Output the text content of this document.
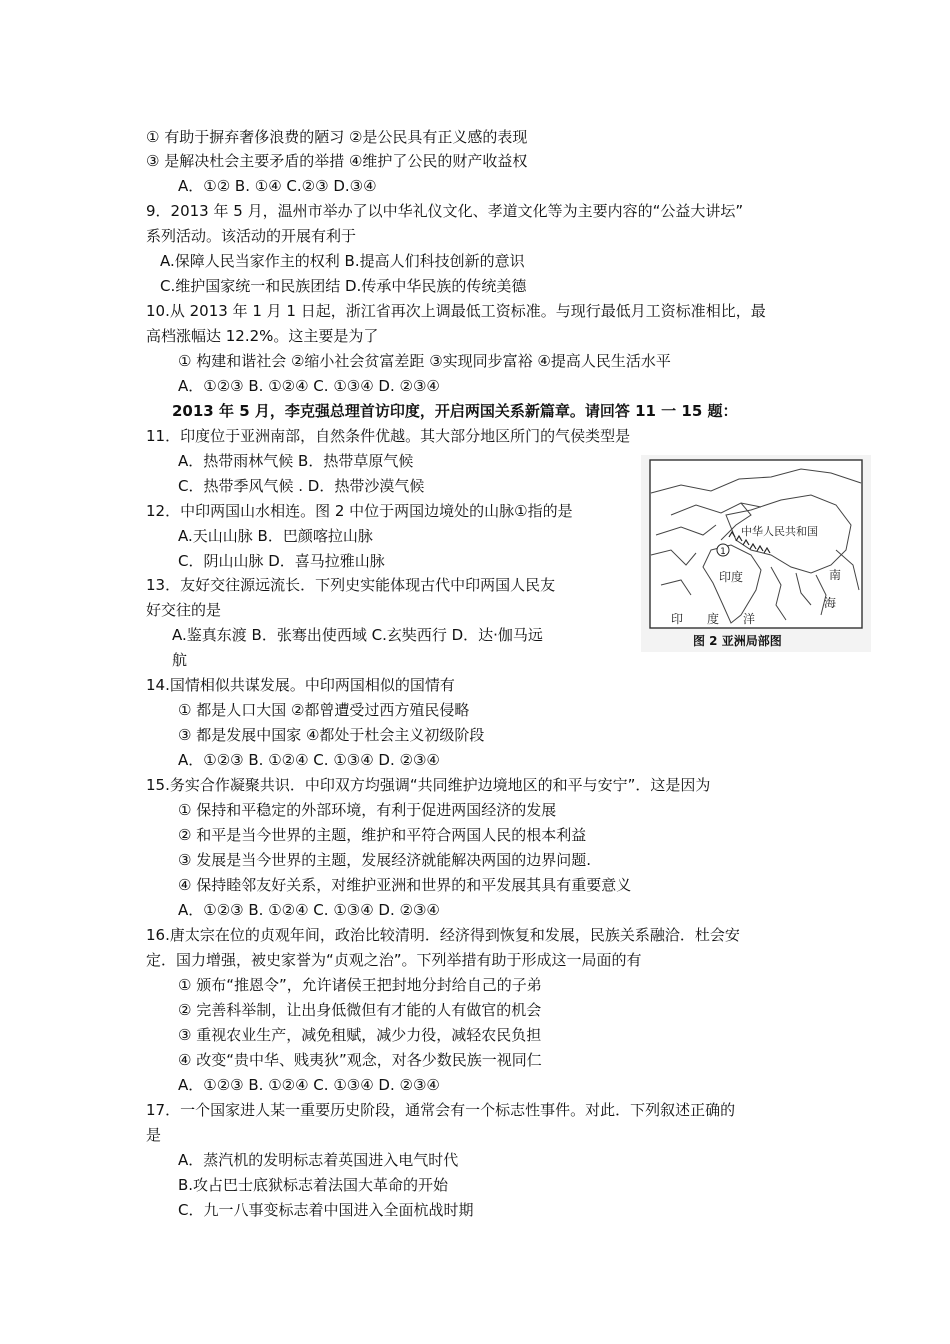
① 有助于摒弃奢侈浪费的陋习 ②是公民具有正义感的表现
③ 是解决杜会主要矛盾的举措 ④维护了公民的财产收益权
A．①② B. ①④ C.②③ D.③④
9．2013 年 5 月，温州市举办了以中华礼仪文化、孝道文化等为主要内容的“公益大讲坛”
系列活动。该活动的开展有利于
A.保障人民当家作主的权利 B.提高人们科技创新的意识
C.维护国家统一和民族团结 D.传承中华民族的传统美德
10.从 2013 年 1 月 1 日起，浙江省再次上调最低工资标准。与现行最低月工资标准相比，最
高档涨幅达 12.2%。这主要是为了
① 构建和谐社会 ②缩小社会贫富差距 ③实现同步富裕 ④提高人民生活水平
A．①②③ B. ①②④ C. ①③④ D. ②③④
2013 年 5 月，李克强总理首访印度，开启两国关系新篇章。请回答 11 一 15 题：
11．印度位于亚洲南部，自然条件优越。其大部分地区所门的气侯类型是
A．热带雨林气候 B．热带草原气候
C．热带季风气候 . D．热带沙漠气候
12．中印两国山水相连。图 2 中位于两国边境处的山脉①指的是
A.天山山脉 B．巴颜喀拉山脉
C．阴山山脉 D．喜马拉雅山脉
13．友好交往源远流长．下列史实能体现古代中印两国人民友
好交往的是
A.鉴真东渡 B．张骞出使西域 C.玄奘西行 D．达·伽马远
航
14.国情相似共谋发展。中印两国相似的国情有
① 都是人口大国 ②都曾遭受过西方殖民侵略
③ 都是发展中国家 ④都处于杜会主义初级阶段
A．①②③ B. ①②④ C. ①③④ D. ②③④
15.务实合作凝聚共识．中印双方均强调“共同维护边境地区的和平与安宁”．这是因为
① 保持和平稳定的外部环境，有利于促进两国经济的发展
② 和平是当今世界的主题，维护和平符合两国人民的根本利益
③ 发展是当今世界的主题，发展经济就能解决两国的边界问题.
④ 保持睦邻友好关系，对维护亚洲和世界的和平发展其具有重要意义
A．①②③ B. ①②④ C. ①③④ D. ②③④
16.唐太宗在位的贞观年间，政治比较清明．经济得到恢复和发展，民族关系融洽．杜会安
定．国力增强，被史家誉为“贞观之治”。下列举措有助于形成这一局面的有
① 颁布“推恩令”，允许诸侯王把封地分封给自己的子弟
② 完善科举制，让出身低微但有才能的人有做官的机会
③ 重视农业生产，减免租赋，减少力役，减轻农民负担
④ 改变“贵中华、贱夷狄”观念，对各少数民族一视同仁
A．①②③ B. ①②④ C. ①③④ D. ②③④
17．一个国家进人某一重要历史阶段，通常会有一个标志性事件。对此．下列叙述正确的
是
A．蒸汽机的发明标志着英国进入电气时代
B.攻占巴士底狱标志着法国大革命的开始
C．九一八事变标志着中国进入全面杭战时期
1
中华人民共和国
印度	南
海
印 度 洋
图 2 亚洲局部图
